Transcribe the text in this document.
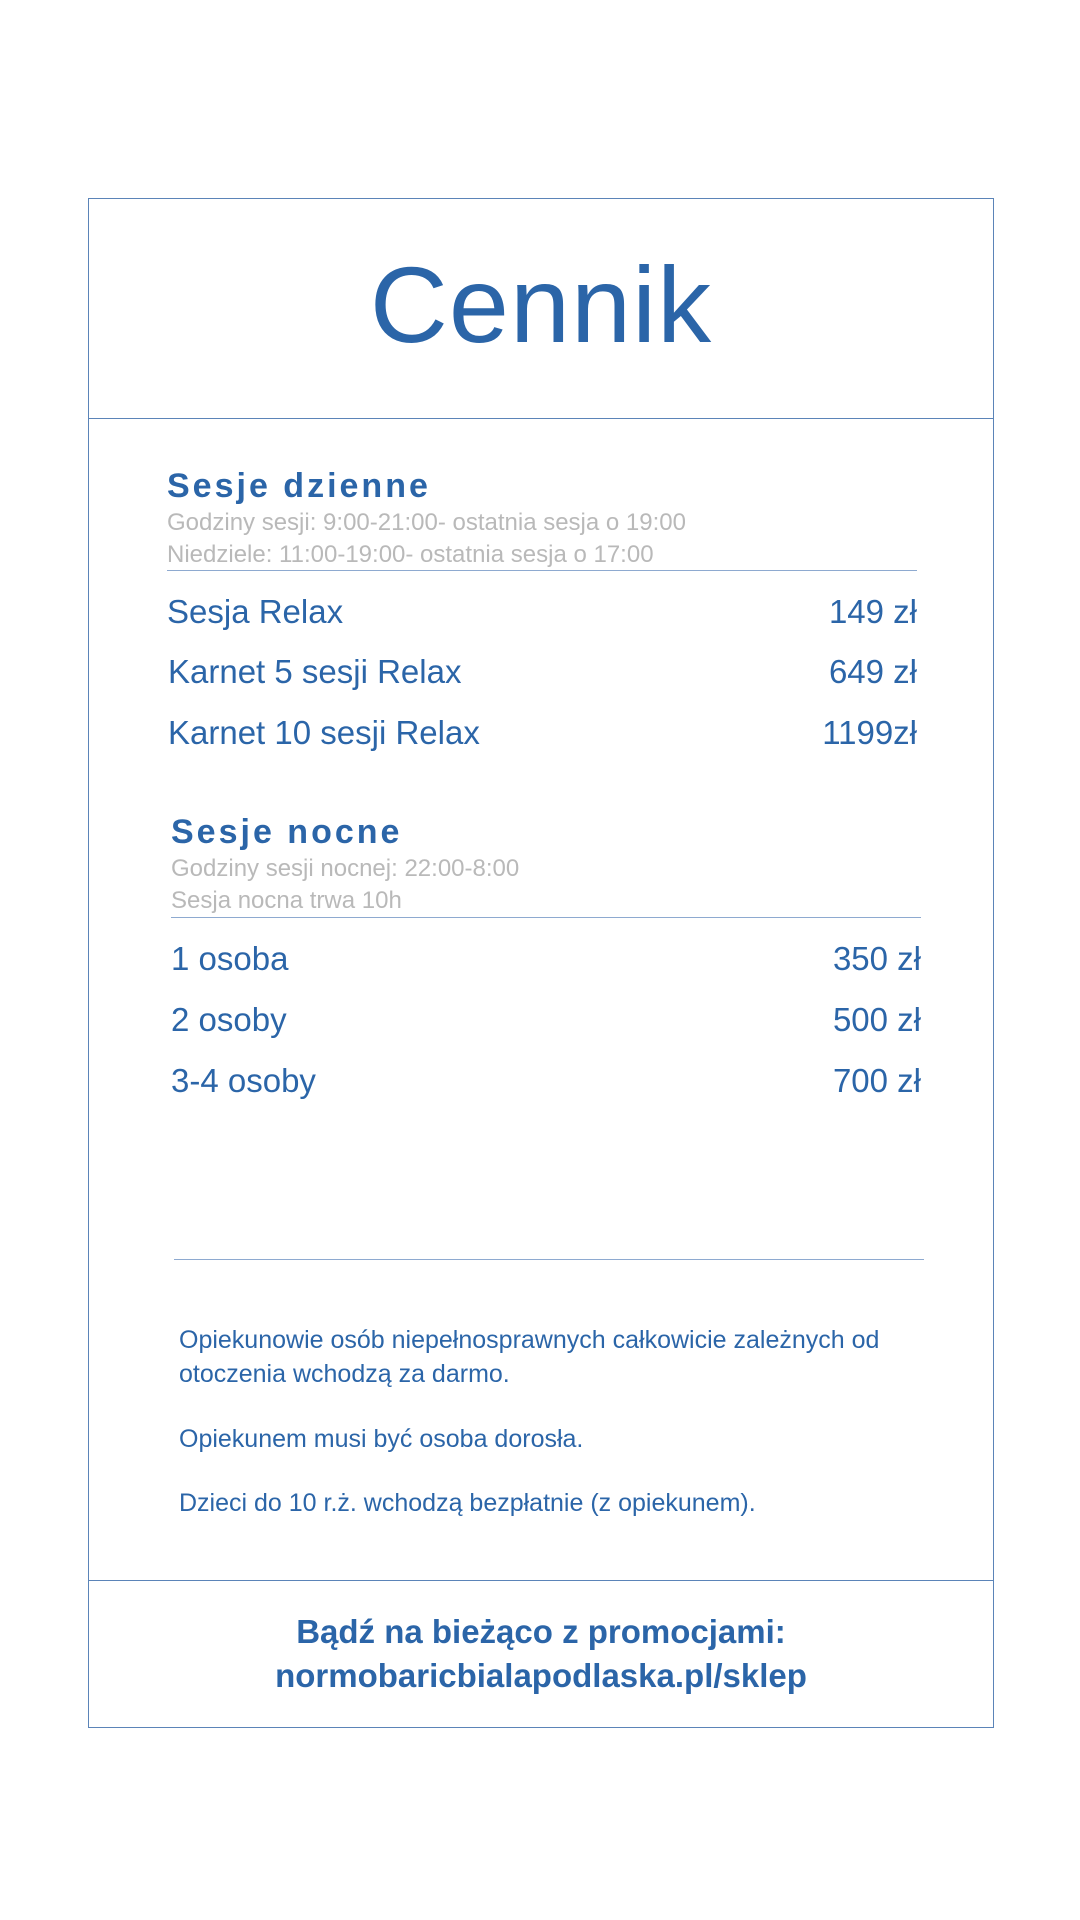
Cennik
Sesje dzienne
Godziny sesji: 9:00-21:00- ostatnia sesja o 19:00
Niedziele: 11:00-19:00- ostatnia sesja o 17:00
Sesja Relax	149 zł
Karnet 5 sesji Relax	649 zł
Karnet 10 sesji Relax	1199zł
Sesje nocne
Godziny sesji nocnej: 22:00-8:00
Sesja nocna trwa 10h
1 osoba	350 zł
2 osoby	500 zł
3-4 osoby	700 zł

Opiekunowie osób niepełnosprawnych całkowicie zależnych od otoczenia wchodzą za darmo.

Opiekunem musi być osoba dorosła.

Dzieci do 10 r.ż. wchodzą bezpłatnie (z opiekunem).

Bądź na bieżąco z promocjami:
normobaricbialapodlaska.pl/sklep
